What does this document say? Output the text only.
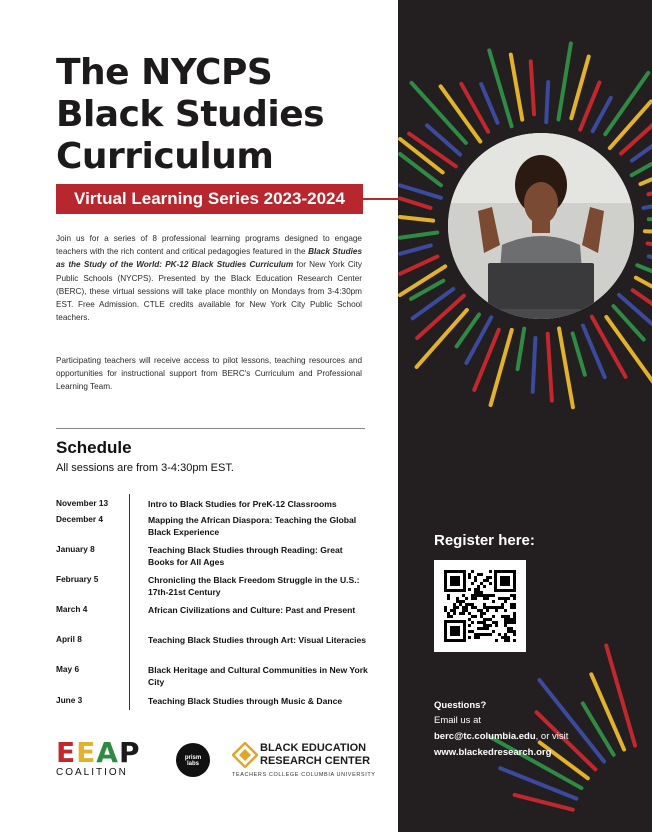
The NYCPS
Black Studies
Curriculum
Virtual Learning Series 2023-2024

Join us for a series of 8 professional learning programs designed to engage teachers with the rich content and critical pedagogies featured in the Black Studies as the Study of the World: PK-12 Black Studies Curriculum for New York City Public Schools (NYCPS). Presented by the Black Education Research Center (BERC), these virtual sessions will take place monthly on Mondays from 3-4:30pm EST. Free Admission. CTLE credits available for New York City Public School teachers.

Participating teachers will receive access to pilot lessons, teaching resources and opportunities for instructional support from BERC's Curriculum and Professional Learning Team.

Schedule
All sessions are from 3-4:30pm EST.
November 13	Intro to Black Studies for PreK-12 Classrooms
December 4	Mapping the African Diaspora: Teaching the Global Black Experience
January 8	Teaching Black Studies through Reading: Great Books for All Ages
February 5	Chronicling the Black Freedom Struggle in the U.S.: 17th-21st Century
March 4	African Civilizations and Culture: Past and Present
April 8	Teaching Black Studies through Art: Visual Literacies
May 6	Black Heritage and Cultural Communities in New York City
June 3	Teaching Black Studies through Music & Dance
EEAP
COALITION
prism
labs
BLACK EDUCATION
RESEARCH CENTER
TEACHERS COLLEGE COLUMBIA UNIVERSITY
Register here:
Questions?
Email us at
berc@tc.columbia.edu, or visit
www.blackedresearch.org
